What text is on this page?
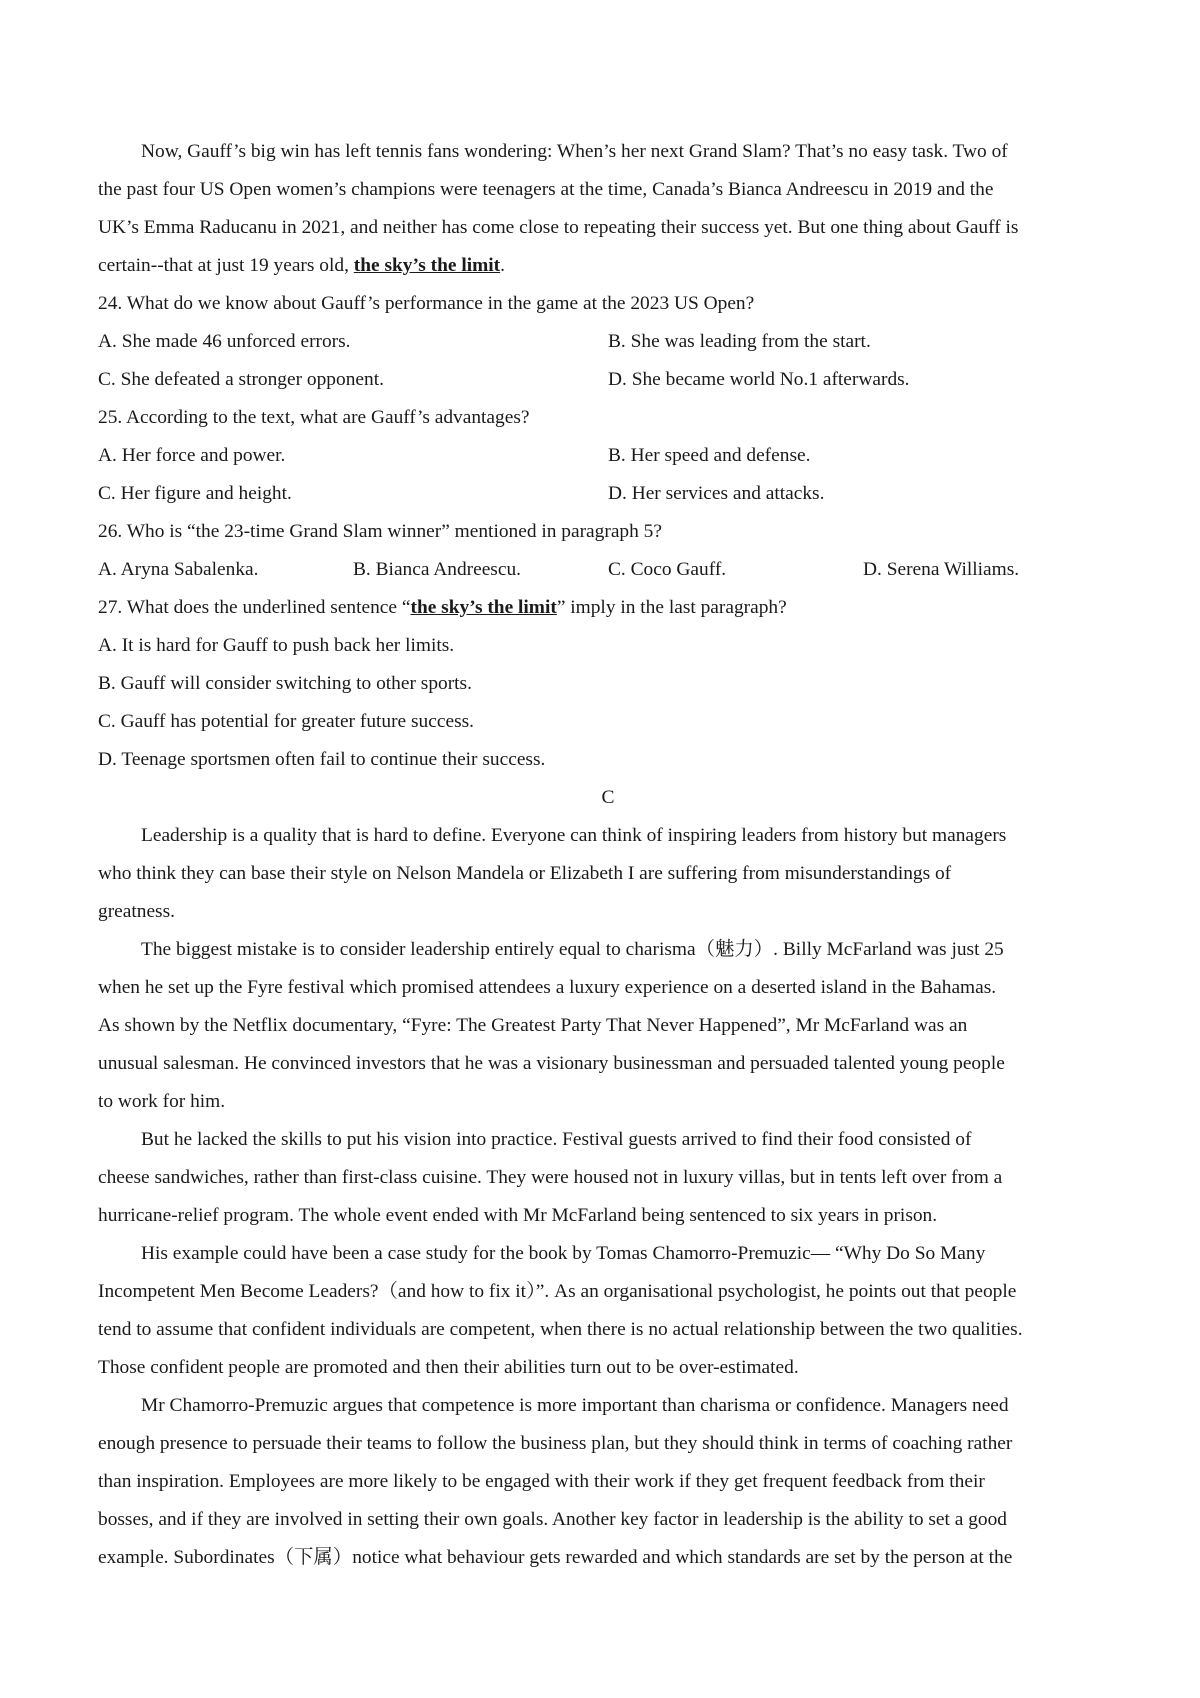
Now, Gauff’s big win has left tennis fans wondering: When’s her next Grand Slam? That’s no easy task. Two of
the past four US Open women’s champions were teenagers at the time, Canada’s Bianca Andreescu in 2019 and the
UK’s Emma Raducanu in 2021, and neither has come close to repeating their success yet. But one thing about Gauff is
certain--that at just 19 years old, the sky’s the limit.
24. What do we know about Gauff’s performance in the game at the 2023 US Open?
A. She made 46 unforced errors.	B. She was leading from the start.
C. She defeated a stronger opponent.	D. She became world No.1 afterwards.
25. According to the text, what are Gauff’s advantages?
A. Her force and power.	B. Her speed and defense.
C. Her figure and height.	D. Her services and attacks.
26. Who is “the 23-time Grand Slam winner” mentioned in paragraph 5?
A. Aryna Sabalenka.	B. Bianca Andreescu.	C. Coco Gauff.	D. Serena Williams.
27. What does the underlined sentence “the sky’s the limit” imply in the last paragraph?
A. It is hard for Gauff to push back her limits.
B. Gauff will consider switching to other sports.
C. Gauff has potential for greater future success.
D. Teenage sportsmen often fail to continue their success.
C
Leadership is a quality that is hard to define. Everyone can think of inspiring leaders from history but managers
who think they can base their style on Nelson Mandela or Elizabeth I are suffering from misunderstandings of
greatness.
The biggest mistake is to consider leadership entirely equal to charisma（魅力）. Billy McFarland was just 25
when he set up the Fyre festival which promised attendees a luxury experience on a deserted island in the Bahamas.
As shown by the Netflix documentary, “Fyre: The Greatest Party That Never Happened”, Mr McFarland was an
unusual salesman. He convinced investors that he was a visionary businessman and persuaded talented young people
to work for him.
But he lacked the skills to put his vision into practice. Festival guests arrived to find their food consisted of
cheese sandwiches, rather than first-class cuisine. They were housed not in luxury villas, but in tents left over from a
hurricane-relief program. The whole event ended with Mr McFarland being sentenced to six years in prison.
His example could have been a case study for the book by Tomas Chamorro-Premuzic— “Why Do So Many
Incompetent Men Become Leaders?（and how to fix it）”. As an organisational psychologist, he points out that people
tend to assume that confident individuals are competent, when there is no actual relationship between the two qualities.
Those confident people are promoted and then their abilities turn out to be over-estimated.
Mr Chamorro-Premuzic argues that competence is more important than charisma or confidence. Managers need
enough presence to persuade their teams to follow the business plan, but they should think in terms of coaching rather
than inspiration. Employees are more likely to be engaged with their work if they get frequent feedback from their
bosses, and if they are involved in setting their own goals. Another key factor in leadership is the ability to set a good
example. Subordinates（下属）notice what behaviour gets rewarded and which standards are set by the person at the
